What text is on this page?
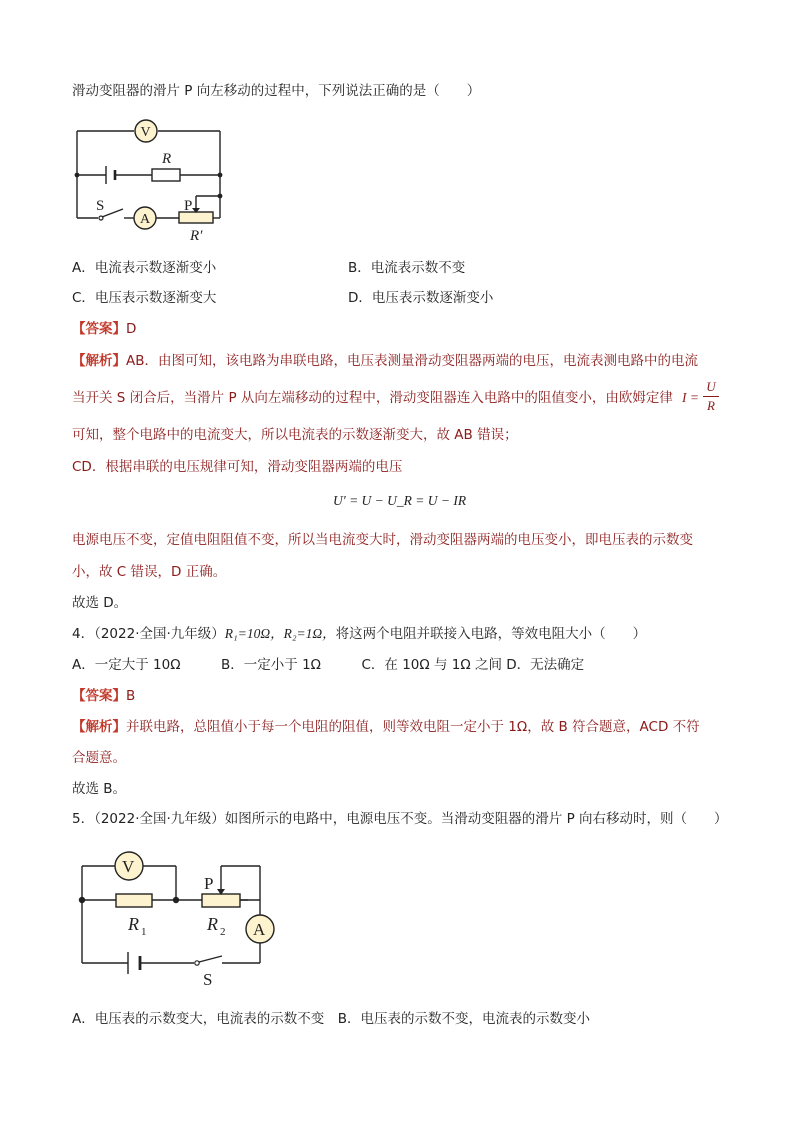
滑动变阻器的滑片 P 向左移动的过程中，下列说法正确的是（　　）
R
V
A
S	P
R′
A．电流表示数逐渐变小	B．电流表示数不变
C．电压表示数逐渐变大	D．电压表示数逐渐变小
【答案】D
【解析】AB．由图可知，该电路为串联电路，电压表测量滑动变阻器两端的电压，电流表测电路中的电流
当开关 S 闭合后，当滑片 P 从向左端移动的过程中，滑动变阻器连入电路中的阻值变小，由欧姆定律 I =
U
R
可知，整个电路中的电流变大，所以电流表的示数逐渐变大，故 AB 错误；
CD．根据串联的电压规律可知，滑动变阻器两端的电压
U′ = U − U_R = U − IR
电源电压不变，定值电阻阻值不变，所以当电流变大时，滑动变阻器两端的电压变小，即电压表的示数变
小，故 C 错误，D 正确。
故选 D。
4．（2022·全国·九年级）R₁=10Ω，R₂=1Ω，将这两个电阻并联接入电路，等效电阻大小（　　）
A．一定大于 10Ω　　　B．一定小于 1Ω　　　C．在 10Ω 与 1Ω 之间 D．无法确定
【答案】B
【解析】并联电路，总阻值小于每一个电阻的阻值，则等效电阻一定小于 1Ω，故 B 符合题意，ACD 不符
合题意。
故选 B。
5．（2022·全国·九年级）如图所示的电路中，电源电压不变。当滑动变阻器的滑片 P 向右移动时，则（　　）
S
V
R 1
P
R 2 A
A．电压表的示数变大，电流表的示数不变　B．电压表的示数不变，电流表的示数变小
